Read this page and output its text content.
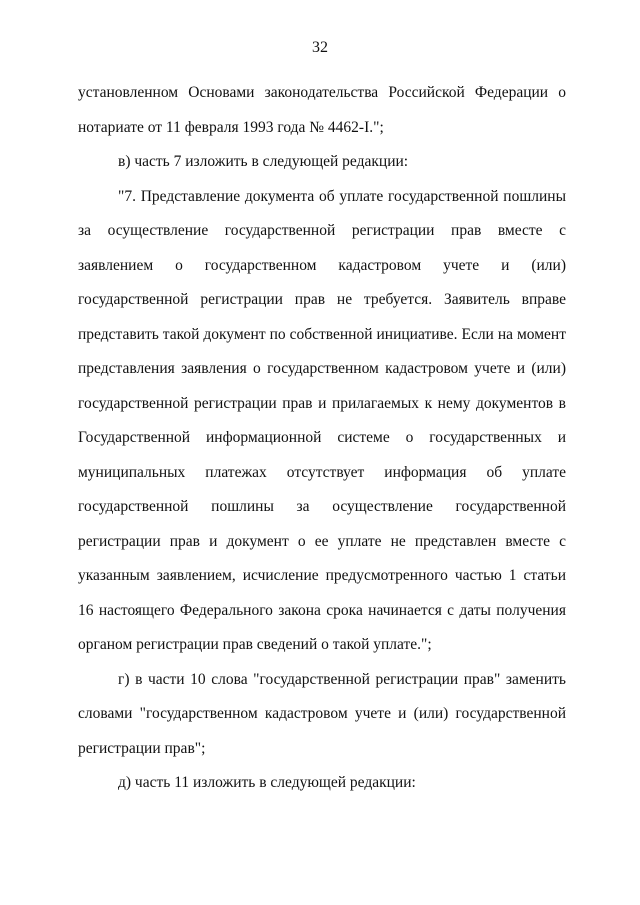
32

установленном Основами законодательства Российской Федерации о нотариате от 11 февраля 1993 года № 4462-I.";

в) часть 7 изложить в следующей редакции:

"7. Представление документа об уплате государственной пошлины за осуществление государственной регистрации прав вместе с заявлением о государственном кадастровом учете и (или) государственной регистрации прав не требуется. Заявитель вправе представить такой документ по собственной инициативе. Если на момент представления заявления о государственном кадастровом учете и (или) государственной регистрации прав и прилагаемых к нему документов в Государственной информационной системе о государственных и муниципальных платежах отсутствует информация об уплате государственной пошлины за осуществление государственной регистрации прав и документ о ее уплате не представлен вместе с указанным заявлением, исчисление предусмотренного частью 1 статьи 16 настоящего Федерального закона срока начинается с даты получения органом регистрации прав сведений о такой уплате.";

г) в части 10 слова "государственной регистрации прав" заменить словами "государственном кадастровом учете и (или) государственной регистрации прав";

д) часть 11 изложить в следующей редакции:
